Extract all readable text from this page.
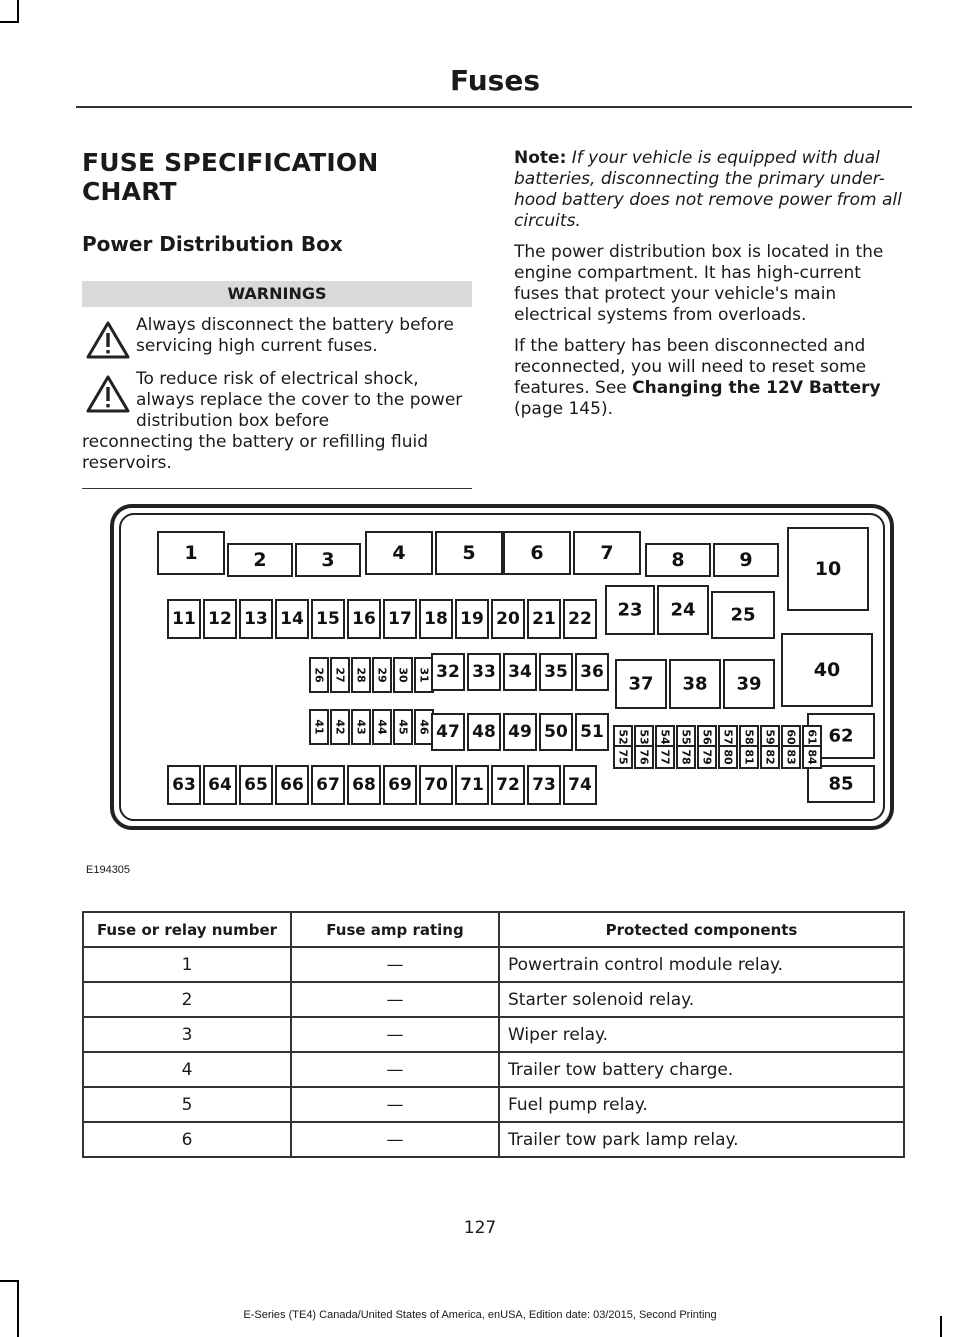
Fuses
FUSE SPECIFICATION CHART
Power Distribution Box
WARNINGS
Always disconnect the battery before servicing high current fuses.
To reduce risk of electrical shock, always replace the cover to the power distribution box before
reconnecting the battery or refilling fluid reservoirs.

Note: If your vehicle is equipped with dual batteries, disconnecting the primary under-hood battery does not remove power from all circuits.

The power distribution box is located in the engine compartment. It has high-current fuses that protect your vehicle's main electrical systems from overloads.

If the battery has been disconnected and reconnected, you will need to reset some features. See Changing the 12V Battery (page 145).

1	2	3	4	5	6	7	8	9	10
11 12 13 14 15 16 17 18 19 20 21 22 23 24 25
26 27 28 29 30 31 32 33 34 35 36
37 38 39
40
41 42 43 44 45 46 47 48 49 50 51	62
85
52
75
53
76
54
77
55
78
56
79
57
80
58
81
59
82
60
83
61
84
63 64 65 66 67 68 69 70 71 72 73 74
E194305
Fuse or relay number	Fuse amp rating	Protected components
1	—	Powertrain control module relay.
2	—	Starter solenoid relay.
3	—	Wiper relay.
4	—	Trailer tow battery charge.
5	—	Fuel pump relay.
6	—	Trailer tow park lamp relay.
127
E-Series (TE4) Canada/United States of America, enUSA, Edition date: 03/2015, Second Printing
